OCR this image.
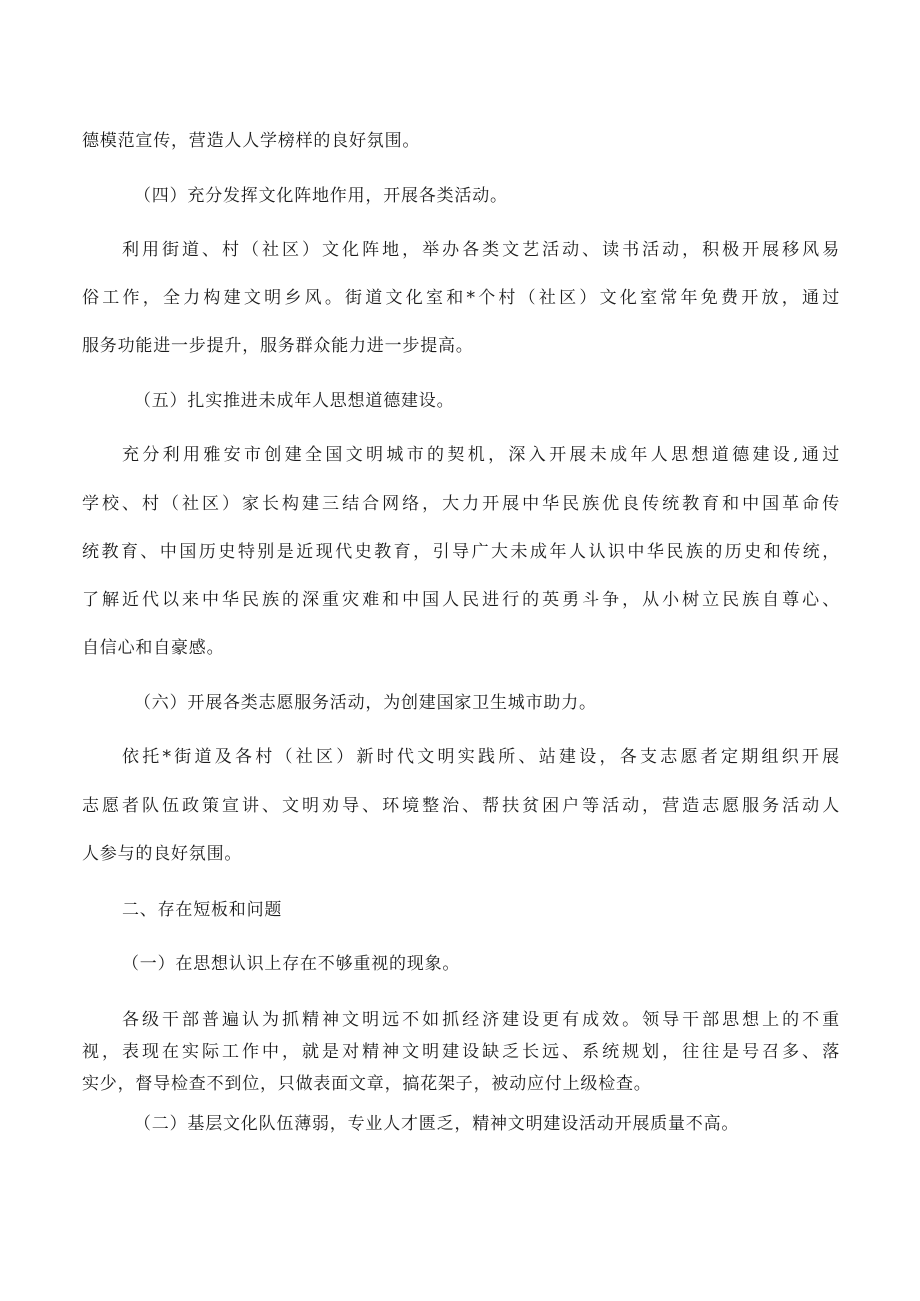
德模范宣传，营造人人学榜样的良好氛围。
（四）充分发挥文化阵地作用，开展各类活动。
利用街道、村（社区）文化阵地，举办各类文艺活动、读书活动，积极开展移风易
俗工作，全力构建文明乡风。街道文化室和*个村（社区）文化室常年免费开放，通过
服务功能进一步提升，服务群众能力进一步提高。
（五）扎实推进未成年人思想道德建设。
充分利用雅安市创建全国文明城市的契机，深入开展未成年人思想道德建设,通过
学校、村（社区）家长构建三结合网络，大力开展中华民族优良传统教育和中国革命传
统教育、中国历史特别是近现代史教育，引导广大未成年人认识中华民族的历史和传统，
了解近代以来中华民族的深重灾难和中国人民进行的英勇斗争，从小树立民族自尊心、
自信心和自豪感。
（六）开展各类志愿服务活动，为创建国家卫生城市助力。
依托*街道及各村（社区）新时代文明实践所、站建设，各支志愿者定期组织开展
志愿者队伍政策宣讲、文明劝导、环境整治、帮扶贫困户等活动，营造志愿服务活动人
人参与的良好氛围。
二、存在短板和问题
（一）在思想认识上存在不够重视的现象。
各级干部普遍认为抓精神文明远不如抓经济建设更有成效。领导干部思想上的不重
视，表现在实际工作中，就是对精神文明建设缺乏长远、系统规划，往往是号召多、落
实少，督导检查不到位，只做表面文章，搞花架子，被动应付上级检查。
（二）基层文化队伍薄弱，专业人才匮乏，精神文明建设活动开展质量不高。
